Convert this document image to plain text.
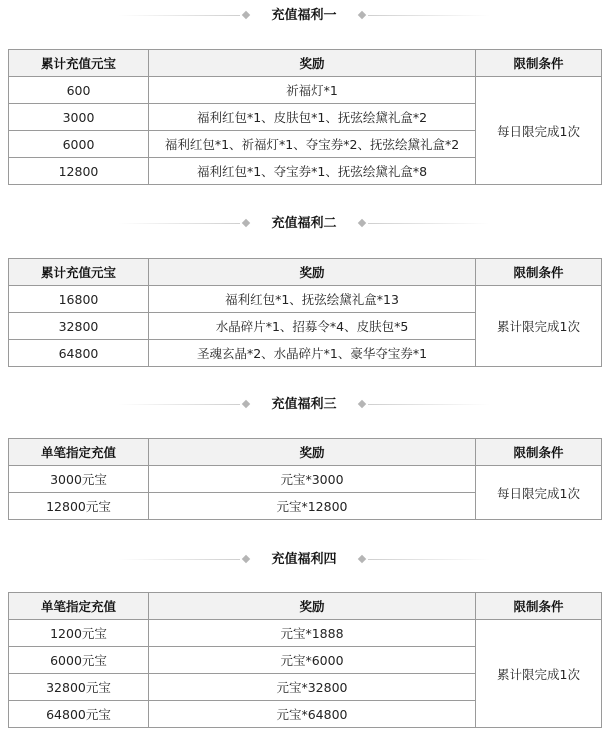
充值福利一
累计充值元宝	奖励	限制条件
600	祈福灯*1	每日限完成1次
3000	福利红包*1、皮肤包*1、抚弦绘黛礼盒*2	
6000	福利红包*1、祈福灯*1、夺宝券*2、抚弦绘黛礼盒*2	
12800	福利红包*1、夺宝券*1、抚弦绘黛礼盒*8	
充值福利二
累计充值元宝	奖励	限制条件
16800	福利红包*1、抚弦绘黛礼盒*13	累计限完成1次
32800	水晶碎片*1、招募令*4、皮肤包*5	
64800	圣魂玄晶*2、水晶碎片*1、豪华夺宝券*1	
充值福利三
单笔指定充值	奖励	限制条件
3000元宝	元宝*3000	每日限完成1次
12800元宝	元宝*12800	
充值福利四
单笔指定充值	奖励	限制条件
1200元宝	元宝*1888	累计限完成1次
6000元宝	元宝*6000	
32800元宝	元宝*32800	
64800元宝	元宝*64800	
